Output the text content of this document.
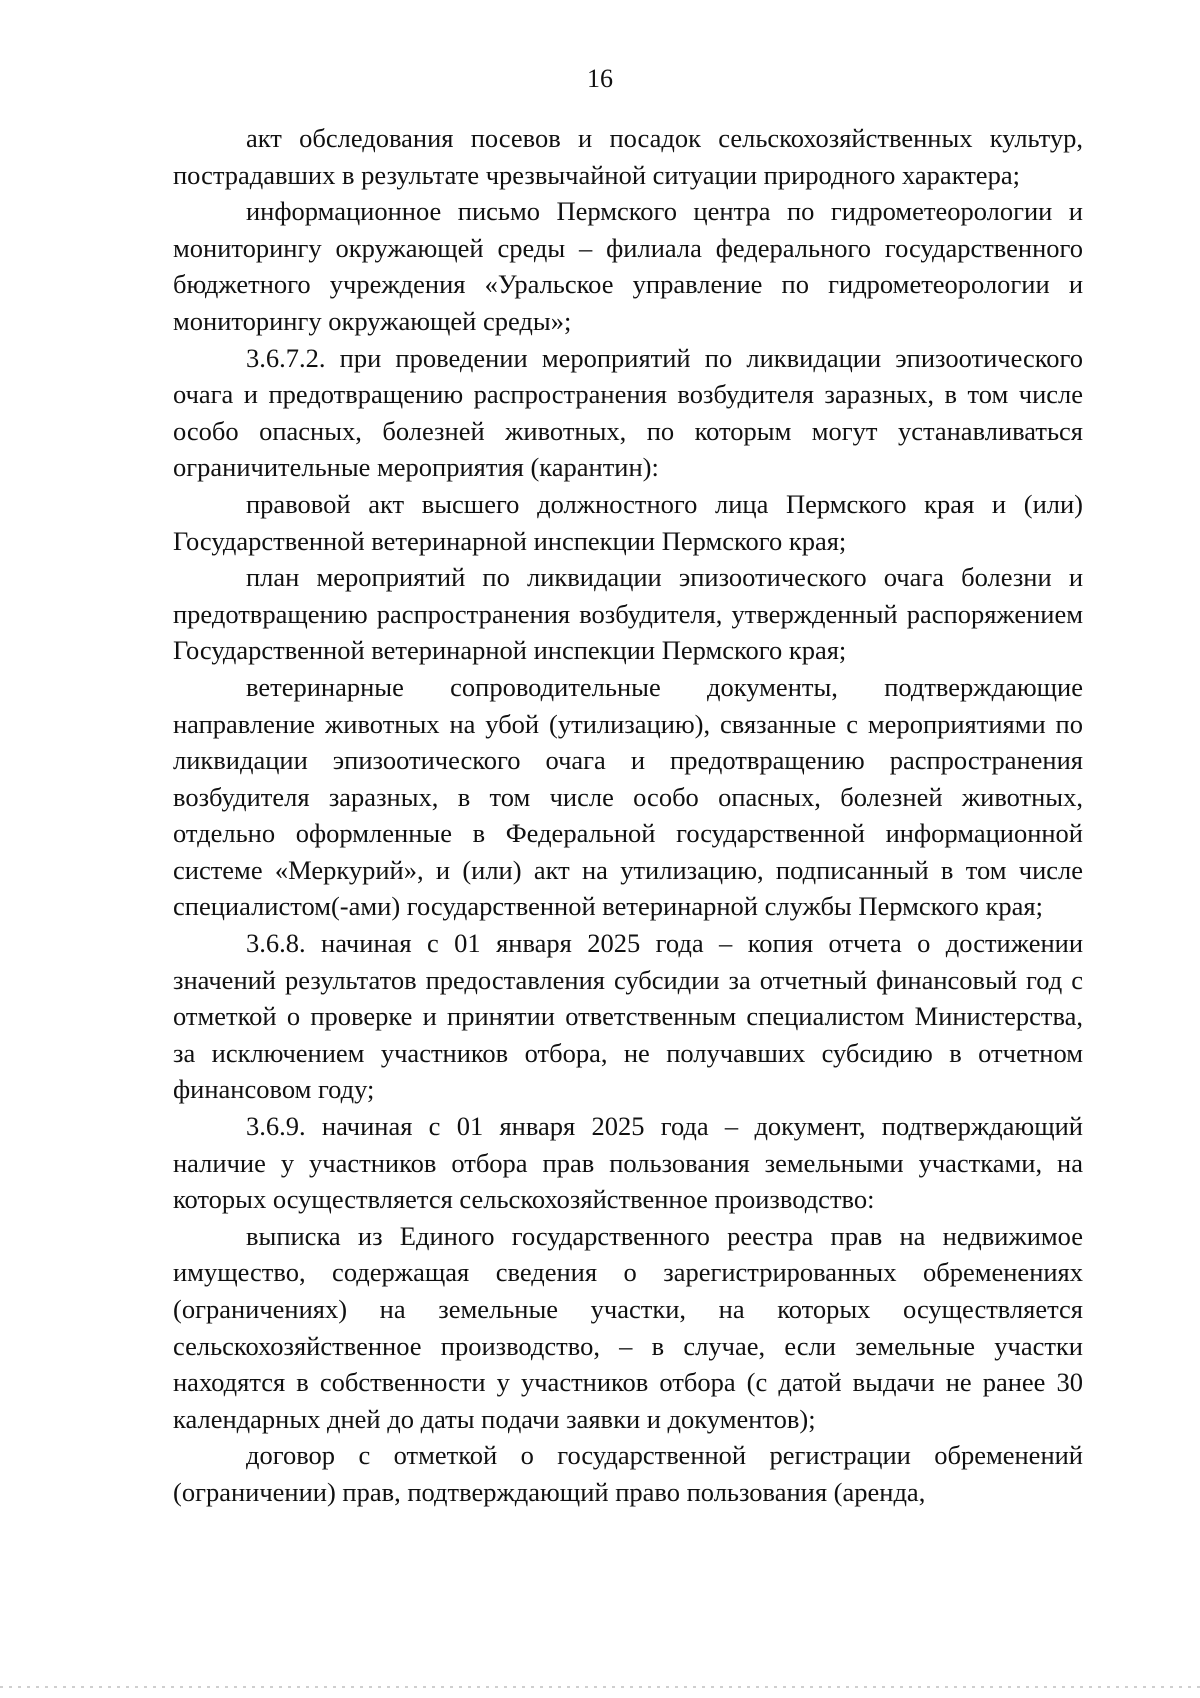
16

акт обследования посевов и посадок сельскохозяйственных культур, пострадавших в результате чрезвычайной ситуации природного характера;

информационное письмо Пермского центра по гидрометеорологии и мониторингу окружающей среды – филиала федерального государственного бюджетного учреждения «Уральское управление по гидрометеорологии и мониторингу окружающей среды»;

3.6.7.2. при проведении мероприятий по ликвидации эпизоотического очага и предотвращению распространения возбудителя заразных, в том числе особо опасных, болезней животных, по которым могут устанавливаться ограничительные мероприятия (карантин):

правовой акт высшего должностного лица Пермского края и (или) Государственной ветеринарной инспекции Пермского края;

план мероприятий по ликвидации эпизоотического очага болезни и предотвращению распространения возбудителя, утвержденный распоряжением Государственной ветеринарной инспекции Пермского края;

ветеринарные сопроводительные документы, подтверждающие направление животных на убой (утилизацию), связанные с мероприятиями по ликвидации эпизоотического очага и предотвращению распространения возбудителя заразных, в том числе особо опасных, болезней животных, отдельно оформленные в Федеральной государственной информационной системе «Меркурий», и (или) акт на утилизацию, подписанный в том числе специалистом(-ами) государственной ветеринарной службы Пермского края;

3.6.8. начиная с 01 января 2025 года – копия отчета о достижении значений результатов предоставления субсидии за отчетный финансовый год с отметкой о проверке и принятии ответственным специалистом Министерства, за исключением участников отбора, не получавших субсидию в отчетном финансовом году;

3.6.9. начиная с 01 января 2025 года – документ, подтверждающий наличие у участников отбора прав пользования земельными участками, на которых осуществляется сельскохозяйственное производство:

выписка из Единого государственного реестра прав на недвижимое имущество, содержащая сведения о зарегистрированных обременениях (ограничениях) на земельные участки, на которых осуществляется сельскохозяйственное производство, – в случае, если земельные участки находятся в собственности у участников отбора (с датой выдачи не ранее 30 календарных дней до даты подачи заявки и документов);

договор с отметкой о государственной регистрации обременений (ограничении) прав, подтверждающий право пользования (аренда,
